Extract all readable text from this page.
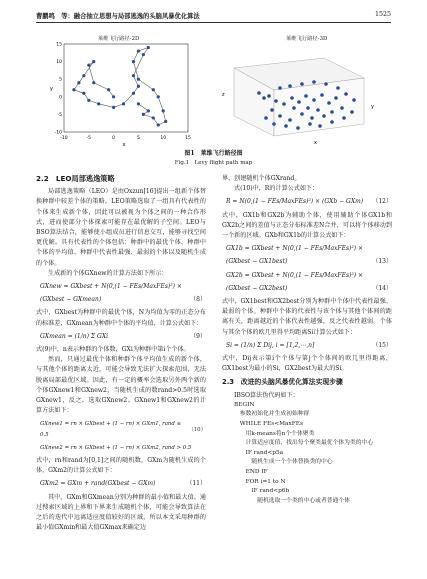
曹鹏鸣　等：融合抽立思想与局部逃逸的头脑风暴优化算法	1525
莱维飞行路径-2D	莱维飞行路径-3D
15
10
5
0
-5
-10
-10	-5	0	5	10	15
x
y
x
y
z
图1　莱维飞行路径图
Fig.1　Levy flight path map
2.2　LEO局部逃逸策略

局部逃逸策略（LEO）是由Oxzun[16]提出一组新个体替换种群中较差个体的策略。LEO策略选取了一组具有代表性的个体来生成新个体，因此可以被视为个体之间的一种合作形式，进而使部分个体探索可能存在最优解的子空间。LEO与BSO算法结合，能够使小组成员进行信息交互，能够寻找空间更优解。具有代表性的个体包括：种群中的最优个体、种群中个体的平均值、种群中代表性最强、最弱的个体以及随机生成的个体。

生成新的个体GXnew的计算方法如下所示：

GXnew = GXbest + N(0,(1 − FEs/MaxFEs)²) ×
(GXbest − GXmean)	（8）

式中，GXbest为种群中的最优个体，N为均值为零的正态分布的标准差，GXmean为种群中个体的平均值，计算公式如下：

GXmean = (1/n) Σ GXi	（9）

式(9)中，n表示种群的个体数，GXi为种群中第i个个体。

然而，只通过最优个体和种群个体平均值生成的新个体，与其他个体的距离太近，可能会导致无法扩大探索范围，无法脱离局部最优区域。因此，有一定的概率会选取另外两个新的个体GXnew1和GXnew2，当随机生成的数rand>0.5时选取GXnew1，反之，选取GXnew2。GXnew1和GXnew2的计算方法如下：

GXnew1 = rn × GXbest + (1 − rn) × GXm1, rand ≤ 0.5
（10）
GXnew2 = rn × GXbest + (1 − rn) × GXm2, rand > 0.5

式中，rn和rand为[0,1]之间的随机数，GXm为随机生成的个体，GXm2的计算公式如下：

GXm2 = GXm + rand(GXbest − GXm)	（11）

其中，GXm和GXmean分别为种群的最小值和最大值。通过搜索区域的上界和下界来生成随机个体，可能会导致算法在之后的迭代中远离适应度值较好的区域，所以本文采用种群的最小值GXmin和最大值GXmax来确定边

界，创建随机个体GXrand。

式(10)中，R的计算公式如下：

R = N(0,(1 − FEs/MaxFEs)²) × (GXb − GXm) （12）

式中，GX1b和GX2b为辅助个体，使用辅助个体GX1b和GX2b之间的差值与正态分布标准差N合并，可以将个体移动到一个新的区域。GXb和GX1b的计算公式如下：

GX1b = GXbest + N(0,(1 − FEs/MaxFEs)²) ×
(GXbest − GX1best)	（13）
GX2b = GXbest + N(0,(1 − FEs/MaxFEs)²) ×
(GXbest − GX2best)	（14）

式中，GX1best和GX2best分别为种群中个体中代表性最强、最弱的个体。种群中个体的代表性与该个体与其他个体间的距离有关，距离越近的个体代表性越强，反之代表性越弱。个体与其余个体的欧几里得平均距离Si计算公式如下：

Si = (1/n) Σ Dij, i = [1,2,⋯,n]	（15）

式中，Dij表示第i个个体与第j个个体间的欧几里得距离，GX1best为最小的Si，GX2best为最大的Si。

2.3　改进的头脑风暴优化算法实现步骤

IBSO算法伪代码如下：

BEGIN
　参数初始化并生成初始种群
　WHILE FEs<MaxFEs
　　用k-means将n个个体聚类
　　计算适应度值，找出每个聚类最优个体为类的中心
　　IF rand<p5a
　　　随机生成一个个体替换类的中心
　　END IF
　　FOR i=1 to N
　　　IF rand<p6b
　　　　随机选取一个类的中心或者普通个体
